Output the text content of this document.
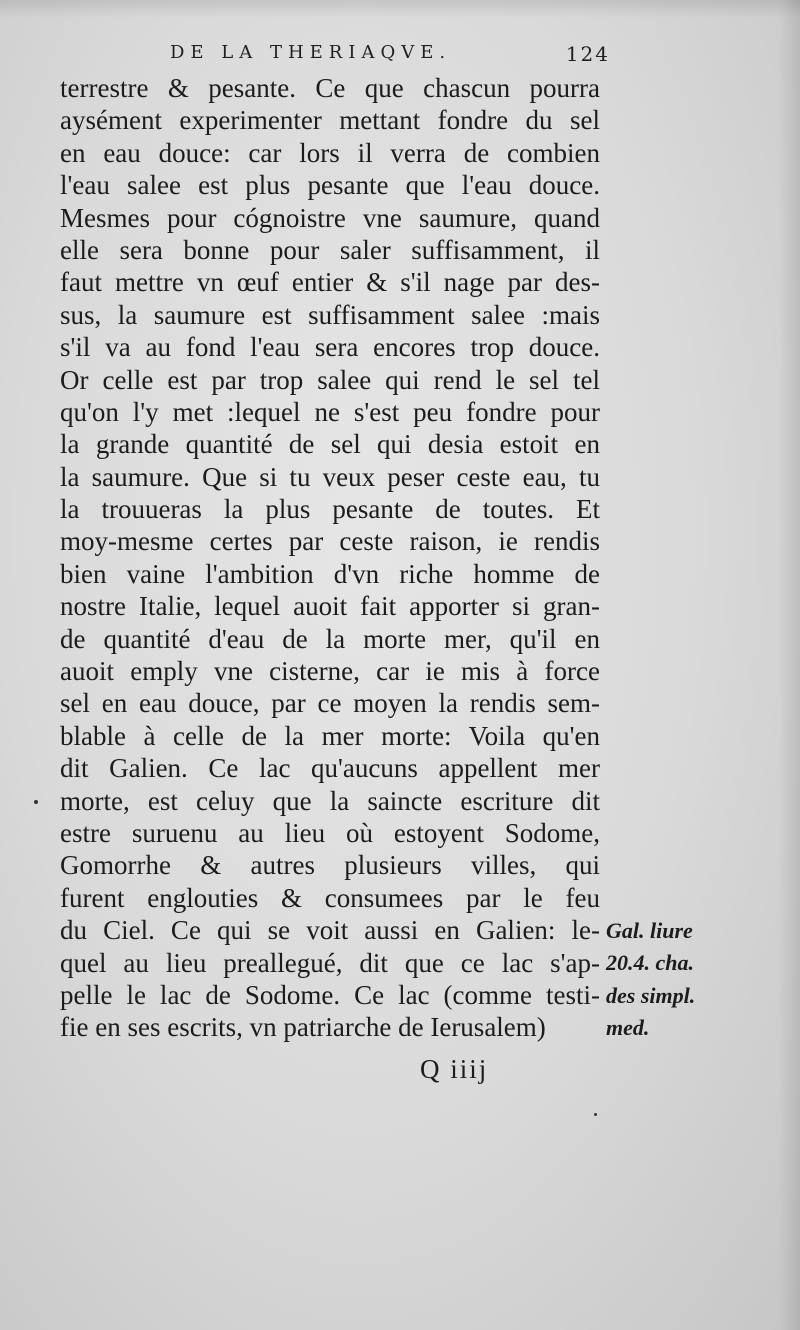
DE LA THERIAQVE.	124
terrestre & pesante. Ce que chascun pourra
aysément experimenter mettant fondre du sel
en eau douce: car lors il verra de combien
l'eau salee est plus pesante que l'eau douce.
Mesmes pour cógnoistre vne saumure, quand
elle sera bonne pour saler suffisamment, il
faut mettre vn œuf entier & s'il nage par des-
sus, la saumure est suffisamment salee :mais
s'il va au fond l'eau sera encores trop douce.
Or celle est par trop salee qui rend le sel tel
qu'on l'y met :lequel ne s'est peu fondre pour
la grande quantité de sel qui desia estoit en
la saumure. Que si tu veux peser ceste eau, tu
la trouueras la plus pesante de toutes. Et
moy-mesme certes par ceste raison, ie rendis
bien vaine l'ambition d'vn riche homme de
nostre Italie, lequel auoit fait apporter si gran-
de quantité d'eau de la morte mer, qu'il en
auoit emply vne cisterne, car ie mis à force
sel en eau douce, par ce moyen la rendis sem-
blable à celle de la mer morte: Voila qu'en
dit Galien. Ce lac qu'aucuns appellent mer
morte, est celuy que la saincte escriture dit
estre suruenu au lieu où estoyent Sodome,
Gomorrhe & autres plusieurs villes, qui
furent englouties & consumees par le feu
du Ciel. Ce qui se voit aussi en Galien: le-
quel au lieu preallegué, dit que ce lac s'ap-
pelle le lac de Sodome. Ce lac (comme testi-
fie en ses escrits, vn patriarche de Ierusalem)
Gal. liure
20.4. cha.
des simpl.
med.
Q iiij
